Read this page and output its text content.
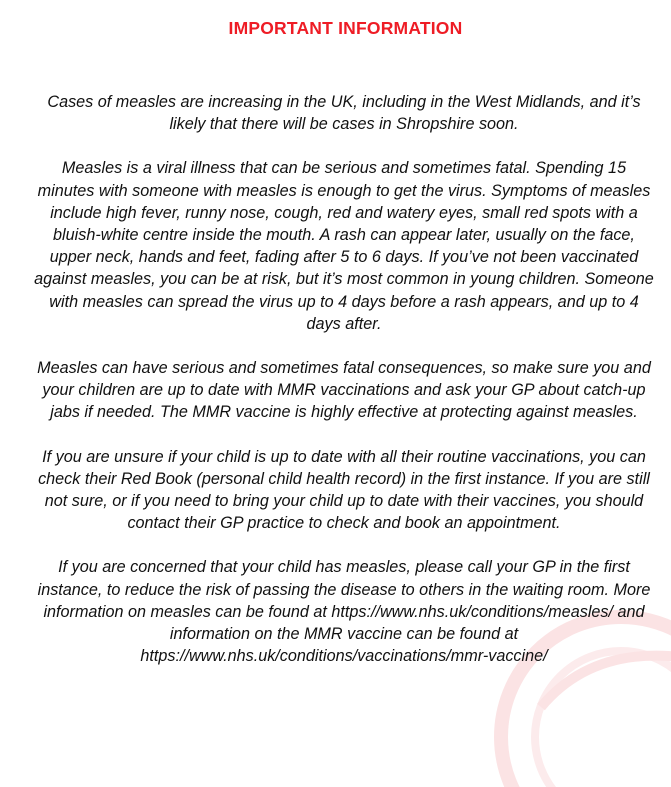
IMPORTANT INFORMATION

Cases of measles are increasing in the UK, including in the West Midlands, and it’s likely that there will be cases in Shropshire soon.

Measles is a viral illness that can be serious and sometimes fatal. Spending 15 minutes with someone with measles is enough to get the virus. Symptoms of measles include high fever, runny nose, cough, red and watery eyes, small red spots with a bluish-white centre inside the mouth. A rash can appear later, usually on the face, upper neck, hands and feet, fading after 5 to 6 days. If you’ve not been vaccinated against measles, you can be at risk, but it’s most common in young children. Someone with measles can spread the virus up to 4 days before a rash appears, and up to 4 days after.

Measles can have serious and sometimes fatal consequences, so make sure you and your children are up to date with MMR vaccinations and ask your GP about catch-up jabs if needed. The MMR vaccine is highly effective at protecting against measles.

If you are unsure if your child is up to date with all their routine vaccinations, you can check their Red Book (personal child health record) in the first instance. If you are still not sure, or if you need to bring your child up to date with their vaccines, you should contact their GP practice to check and book an appointment.

If you are concerned that your child has measles, please call your GP in the first instance, to reduce the risk of passing the disease to others in the waiting room. More information on measles can be found at https://www.nhs.uk/conditions/measles/ and information on the MMR vaccine can be found at https://www.nhs.uk/conditions/vaccinations/mmr-vaccine/
